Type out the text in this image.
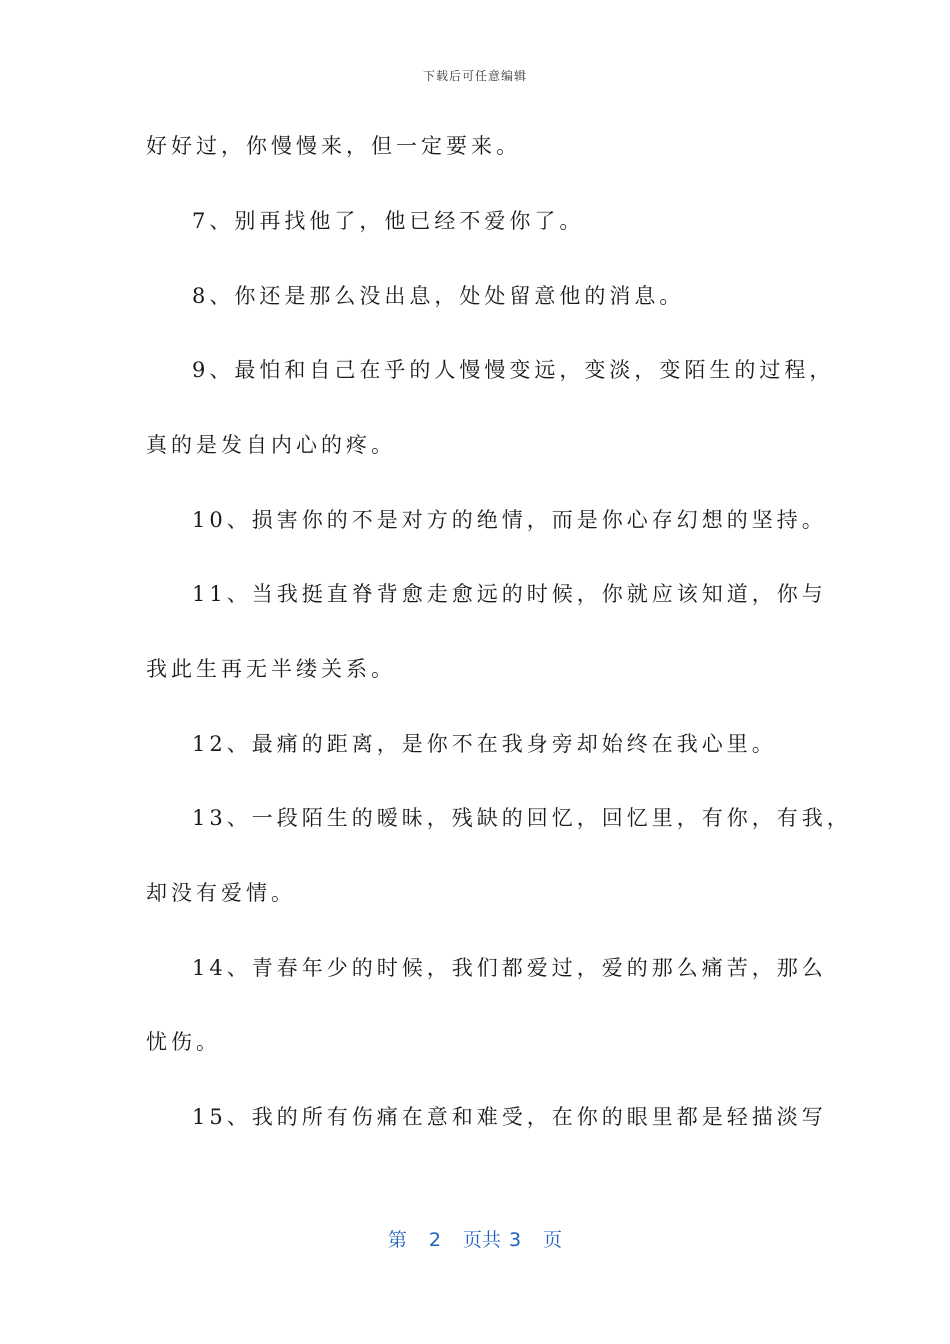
下载后可任意编辑
好好过，你慢慢来，但一定要来。
7、别再找他了，他已经不爱你了。
8、你还是那么没出息，处处留意他的消息。
9、最怕和自己在乎的人慢慢变远，变淡，变陌生的过程，
真的是发自内心的疼。
10、损害你的不是对方的绝情，而是你心存幻想的坚持。
11、当我挺直脊背愈走愈远的时候，你就应该知道，你与
我此生再无半缕关系。
12、最痛的距离，是你不在我身旁却始终在我心里。
13、一段陌生的暧昧，残缺的回忆，回忆里，有你，有我，
却没有爱情。
14、青春年少的时候，我们都爱过，爱的那么痛苦，那么
忧伤。
15、我的所有伤痛在意和难受，在你的眼里都是轻描淡写
第 2 页共 3 页
